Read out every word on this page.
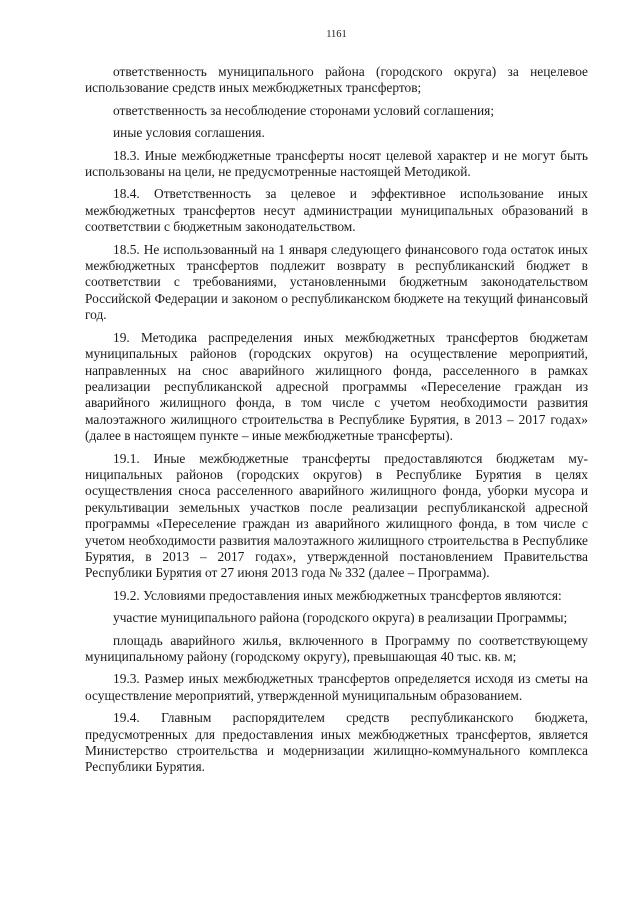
1161

ответственность муниципального района (городского округа) за нецелевое использование средств иных межбюджетных трансфертов;

ответственность за несоблюдение сторонами условий соглашения;

иные условия соглашения.

18.3. Иные межбюджетные трансферты носят целевой характер и не могут быть использованы на цели, не предусмотренные настоящей Методикой.

18.4. Ответственность за целевое и эффективное использование иных межбюджетных трансфертов несут администрации муниципальных образований в соответствии с бюджетным законодательством.

18.5. Не использованный на 1 января следующего финансового года остаток иных межбюджетных трансфертов подлежит возврату в республиканский бюджет в соответствии с требованиями, установленными бюджетным законодательством Российской Федерации и законом о республиканском бюджете на текущий финансовый год.

19. Методика распределения иных межбюджетных трансфертов бюджетам муниципальных районов (городских округов) на осуществление мероприятий, направленных на снос аварийного жилищного фонда, расселенного в рамках реализации республиканской адресной программы «Переселение граждан из аварийного жилищного фонда, в том числе с учетом необходимости развития малоэтажного жилищного строительства в Республике Бурятия, в 2013 – 2017 годах» (далее в настоящем пункте – иные межбюджетные трансферты).

19.1. Иные межбюджетные трансферты предоставляются бюджетам муниципальных районов (городских округов) в Республике Бурятия в целях осуществления сноса расселенного аварийного жилищного фонда, уборки мусора и рекультивации земельных участков после реализации республиканской адресной программы «Переселение граждан из аварийного жилищного фонда, в том числе с учетом необходимости развития малоэтажного жилищного строительства в Республике Бурятия, в 2013 – 2017 годах», утвержденной постановлением Правительства Республики Бурятия от 27 июня 2013 года № 332 (далее – Программа).

19.2. Условиями предоставления иных межбюджетных трансфертов являются:

участие муниципального района (городского округа) в реализации Программы;

площадь аварийного жилья, включенного в Программу по соответствующему муниципальному району (городскому округу), превышающая 40 тыс. кв. м;

19.3. Размер иных межбюджетных трансфертов определяется исходя из сметы на осуществление мероприятий, утвержденной муниципальным образованием.

19.4. Главным распорядителем средств республиканского бюджета, предусмотренных для предоставления иных межбюджетных трансфертов, является Министерство строительства и модернизации жилищно-коммунального комплекса Республики Бурятия.
